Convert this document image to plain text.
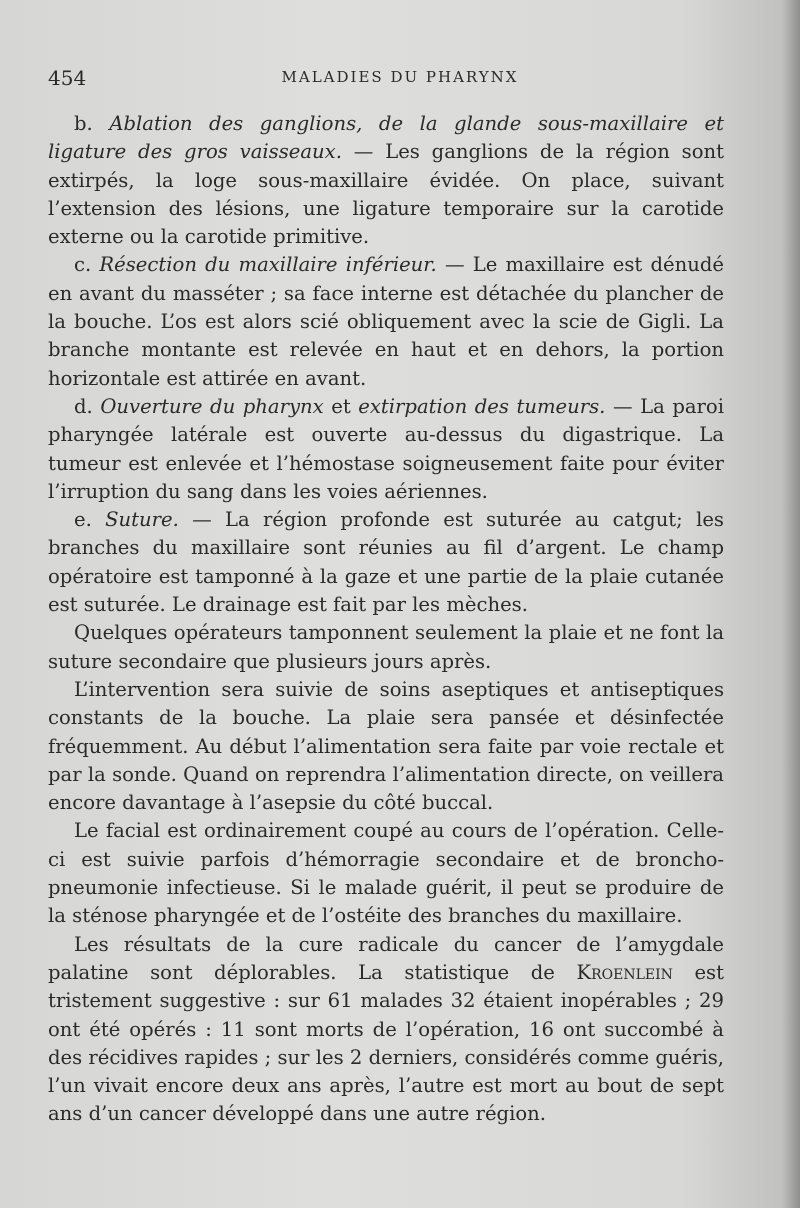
454	MALADIES DU PHARYNX

b. Ablation des ganglions, de la glande sous-maxillaire et ligature des gros vaisseaux. — Les ganglions de la région sont extirpés, la loge sous-maxillaire évidée. On place, suivant l’extension des lésions, une ligature temporaire sur la carotide externe ou la carotide primitive.

c. Résection du maxillaire inférieur. — Le maxillaire est dénudé en avant du masséter ; sa face interne est détachée du plancher de la bouche. L’os est alors scié obliquement avec la scie de Gigli. La branche montante est relevée en haut et en dehors, la portion horizontale est attirée en avant.

d. Ouverture du pharynx et extirpation des tumeurs. — La paroi pharyngée latérale est ouverte au-dessus du digastrique. La tumeur est enlevée et l’hémostase soigneusement faite pour éviter l’irruption du sang dans les voies aériennes.

e. Suture. — La région profonde est suturée au catgut; les branches du maxillaire sont réunies au fil d’argent. Le champ opératoire est tamponné à la gaze et une partie de la plaie cutanée est suturée. Le drainage est fait par les mèches.

Quelques opérateurs tamponnent seulement la plaie et ne font la suture secondaire que plusieurs jours après.

L’intervention sera suivie de soins aseptiques et antiseptiques constants de la bouche. La plaie sera pansée et désinfectée fréquemment. Au début l’alimentation sera faite par voie rectale et par la sonde. Quand on reprendra l’alimentation directe, on veillera encore davantage à l’asepsie du côté buccal.

Le facial est ordinairement coupé au cours de l’opération. Celle-ci est suivie parfois d’hémorragie secondaire et de broncho-pneumonie infectieuse. Si le malade guérit, il peut se produire de la sténose pharyngée et de l’ostéite des branches du maxillaire.

Les résultats de la cure radicale du cancer de l’amygdale palatine sont déplorables. La statistique de Kroenlein est tristement suggestive : sur 61 malades 32 étaient inopérables ; 29 ont été opérés : 11 sont morts de l’opération, 16 ont succombé à des récidives rapides ; sur les 2 derniers, considérés comme guéris, l’un vivait encore deux ans après, l’autre est mort au bout de sept ans d’un cancer développé dans une autre région.
